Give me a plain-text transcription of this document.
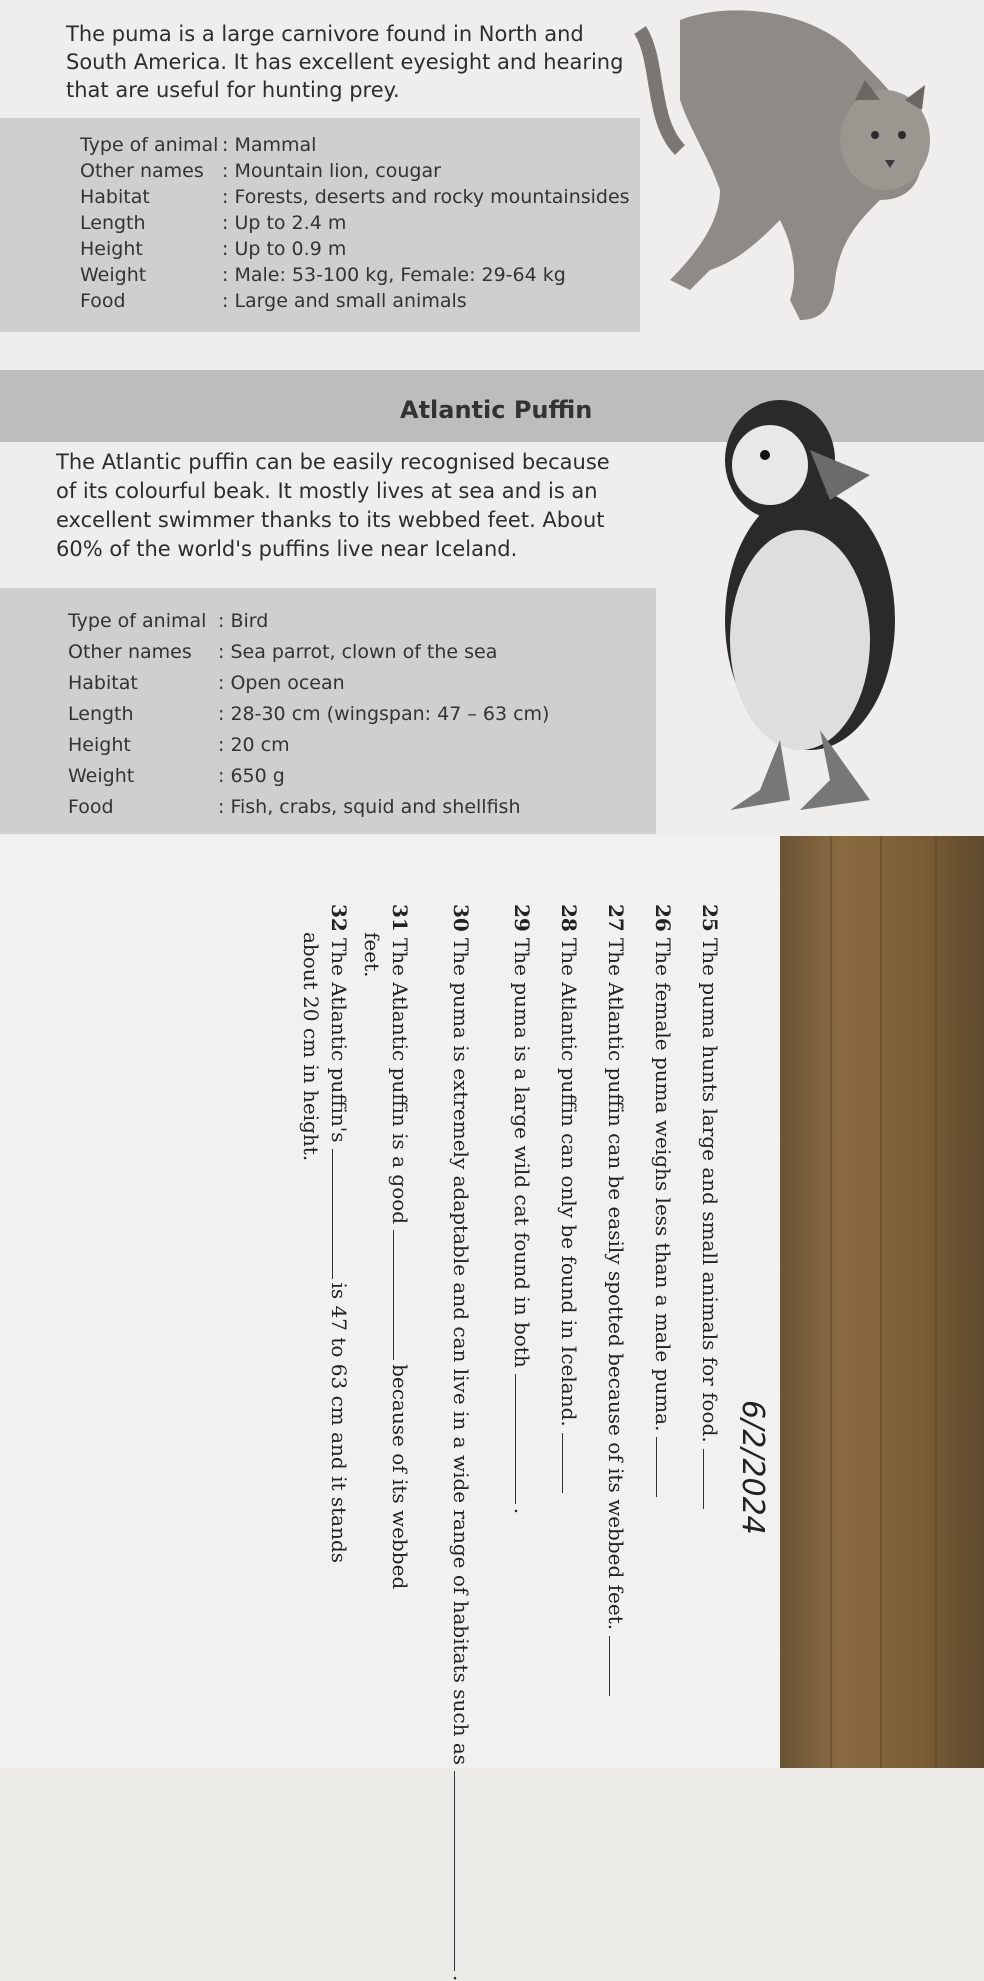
The puma is a large carnivore found in North and South America. It has excellent eyesight and hearing that are useful for hunting prey.
Type of animal : Mammal
Other names : Mountain lion, cougar
Habitat	: Forests, deserts and rocky mountainsides
Length	: Up to 2.4 m
Height	: Up to 0.9 m
Weight	: Male: 53-100 kg, Female: 29-64 kg
Food	: Large and small animals
Atlantic Puffin
The Atlantic puffin can be easily recognised because of its colourful beak. It mostly lives at sea and is an excellent swimmer thanks to its webbed feet. About 60% of the world's puffins live near Iceland.
Type of animal : Bird
Other names : Sea parrot, clown of the sea
Habitat	: Open ocean
Length	: 28-30 cm (wingspan: 47 – 63 cm)
Height	: 20 cm
Weight	: 650 g
Food	: Fish, crabs, squid and shellfish
6/2/2024
25The puma hunts large and small animals for food.
26The female puma weighs less than a male puma.
27The Atlantic puffin can be easily spotted because of its webbed feet.
28The Atlantic puffin can only be found in Iceland.
29The puma is a large wild cat found in both.
30The puma is extremely adaptable and can live in a wide range of habitats such as.
31The Atlantic puffin is a goodbecause of its webbed
feet.
32The Atlantic puffin'sis 47 to 63 cm and it stands
about 20 cm in height.
